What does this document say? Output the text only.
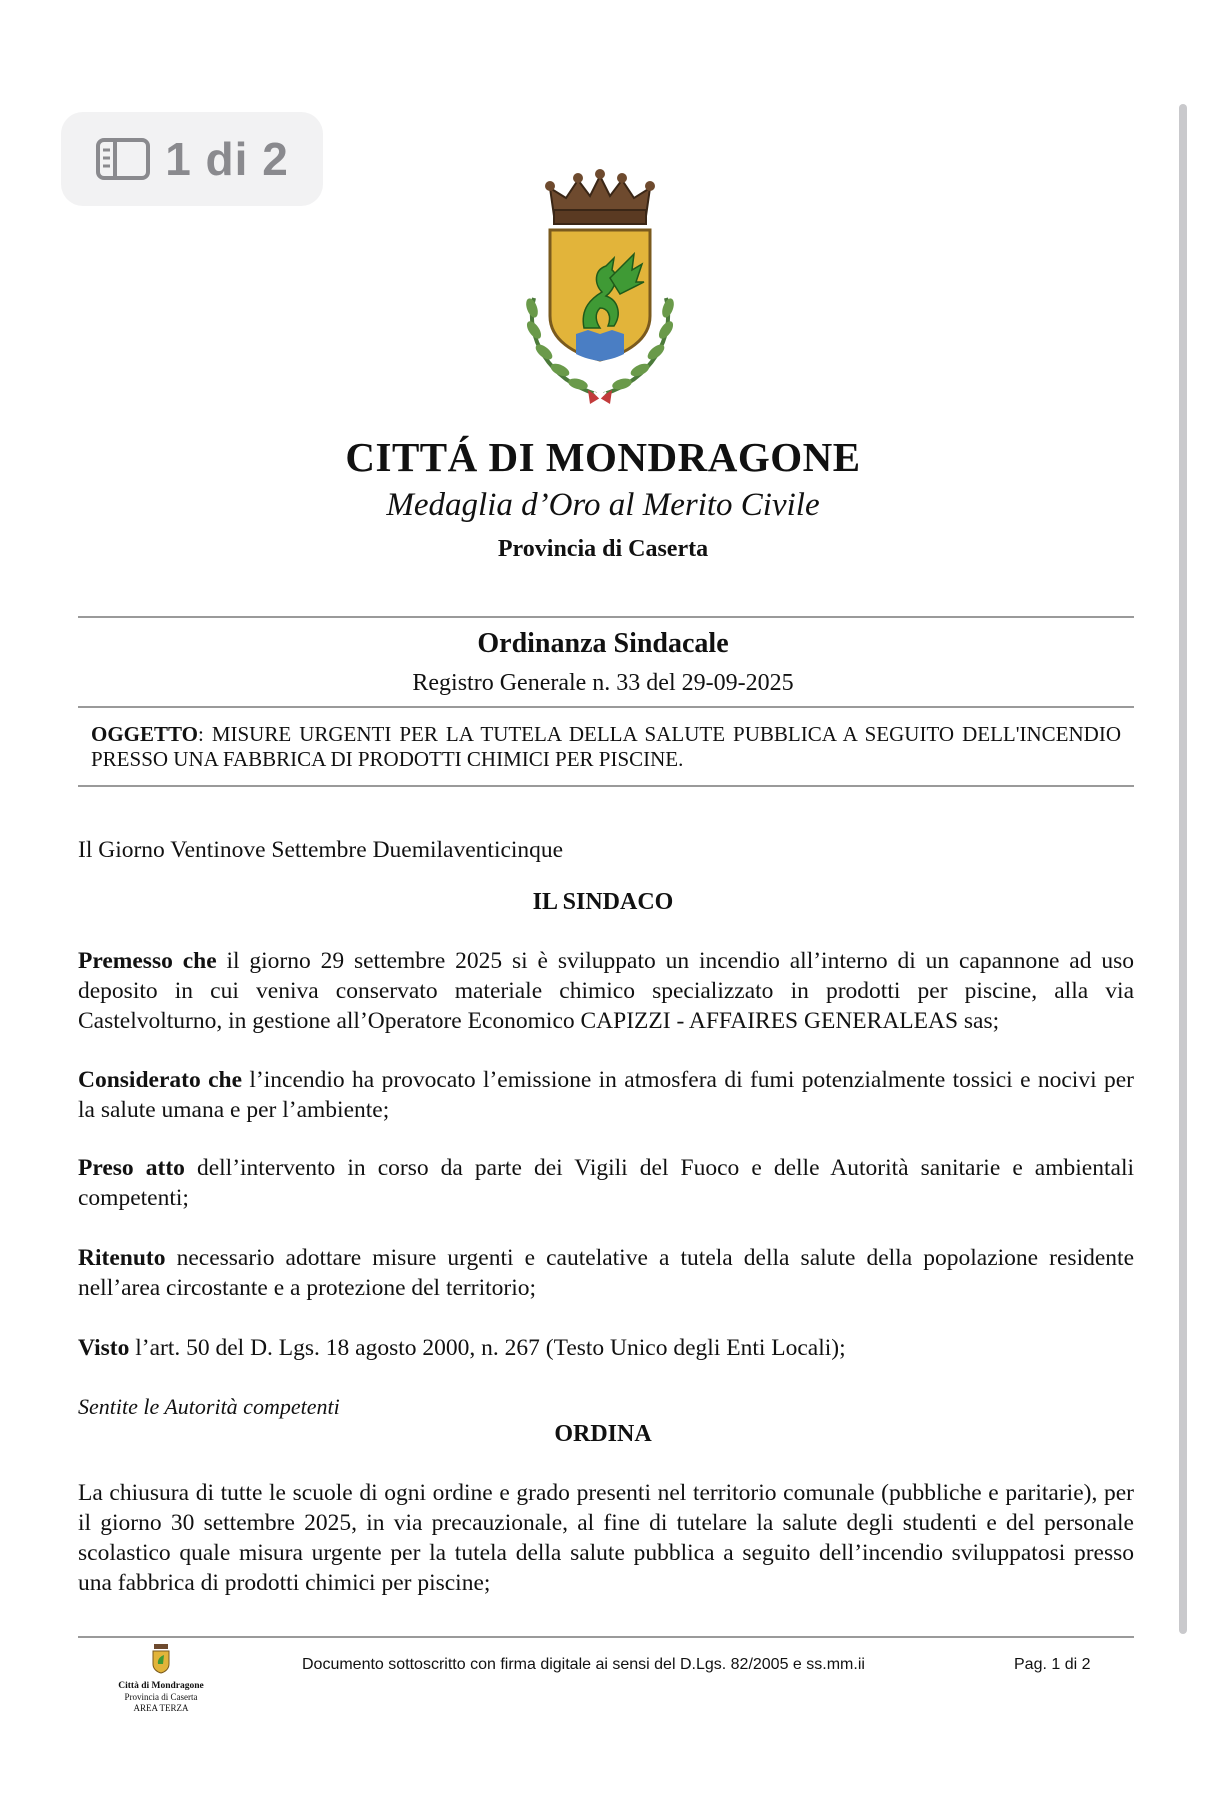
1 di 2
CITTÁ DI MONDRAGONE
Medaglia d’Oro al Merito Civile
Provincia di Caserta
Ordinanza Sindacale
Registro Generale n. 33 del 29-09-2025
OGGETTO: MISURE URGENTI PER LA TUTELA DELLA SALUTE PUBBLICA A SEGUITO DELL'INCENDIO PRESSO UNA FABBRICA DI PRODOTTI CHIMICI PER PISCINE.
Il Giorno Ventinove Settembre Duemilaventicinque
IL SINDACO
Premesso che il giorno 29 settembre 2025 si è sviluppato un incendio all’interno di un capannone ad uso deposito in cui veniva conservato materiale chimico specializzato in prodotti per piscine, alla via Castelvolturno, in gestione all’Operatore Economico CAPIZZI - AFFAIRES GENERALEAS sas;
Considerato che l’incendio ha provocato l’emissione in atmosfera di fumi potenzialmente tossici e nocivi per la salute umana e per l’ambiente;
Preso atto dell’intervento in corso da parte dei Vigili del Fuoco e delle Autorità sanitarie e ambientali competenti;
Ritenuto necessario adottare misure urgenti e cautelative a tutela della salute della popolazione residente nell’area circostante e a protezione del territorio;
Visto l’art. 50 del D. Lgs. 18 agosto 2000, n. 267 (Testo Unico degli Enti Locali);
Sentite le Autorità competenti
ORDINA
La chiusura di tutte le scuole di ogni ordine e grado presenti nel territorio comunale (pubbliche e paritarie), per il giorno 30 settembre 2025, in via precauzionale, al fine di tutelare la salute degli studenti e del personale scolastico quale misura urgente per la tutela della salute pubblica a seguito dell’incendio sviluppatosi presso una fabbrica di prodotti chimici per piscine;
Città di Mondragone
Provincia di Caserta
AREA TERZA
Documento sottoscritto con firma digitale ai sensi del D.Lgs. 82/2005 e ss.mm.ii	Pag. 1 di 2
